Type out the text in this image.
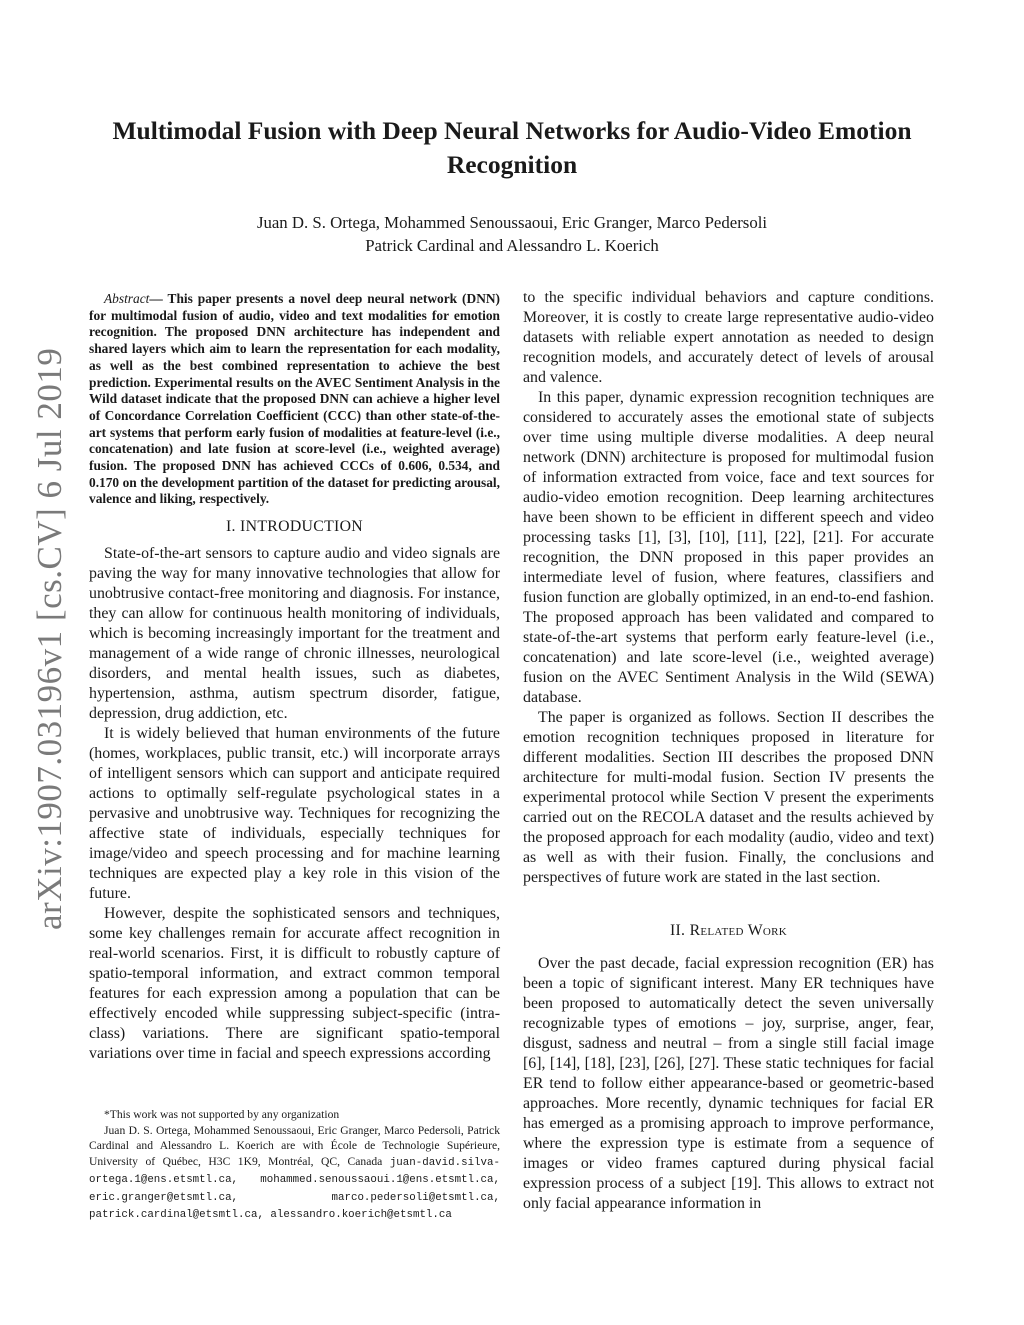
arXiv:1907.03196v1 [cs.CV] 6 Jul 2019
Multimodal Fusion with Deep Neural Networks for Audio-Video Emotion Recognition
Juan D. S. Ortega, Mohammed Senoussaoui, Eric Granger, Marco Pedersoli
Patrick Cardinal and Alessandro L. Koerich

Abstract— This paper presents a novel deep neural network (DNN) for multimodal fusion of audio, video and text modalities for emotion recognition. The proposed DNN architecture has independent and shared layers which aim to learn the representation for each modality, as well as the best combined representation to achieve the best prediction. Experimental results on the AVEC Sentiment Analysis in the Wild dataset indicate that the proposed DNN can achieve a higher level of Concordance Correlation Coefficient (CCC) than other state-of-the-art systems that perform early fusion of modalities at feature-level (i.e., concatenation) and late fusion at score-level (i.e., weighted average) fusion. The proposed DNN has achieved CCCs of 0.606, 0.534, and 0.170 on the development partition of the dataset for predicting arousal, valence and liking, respectively.

I. INTRODUCTION

State-of-the-art sensors to capture audio and video signals are paving the way for many innovative technologies that allow for unobtrusive contact-free monitoring and diagnosis. For instance, they can allow for continuous health monitoring of individuals, which is becoming increasingly important for the treatment and management of a wide range of chronic illnesses, neurological disorders, and mental health issues, such as diabetes, hypertension, asthma, autism spectrum disorder, fatigue, depression, drug addiction, etc.

It is widely believed that human environments of the future (homes, workplaces, public transit, etc.) will incorporate arrays of intelligent sensors which can support and anticipate required actions to optimally self-regulate psychological states in a pervasive and unobtrusive way. Techniques for recognizing the affective state of individuals, especially techniques for image/video and speech processing and for machine learning techniques are expected play a key role in this vision of the future.

However, despite the sophisticated sensors and techniques, some key challenges remain for accurate affect recognition in real-world scenarios. First, it is difficult to robustly capture of spatio-temporal information, and extract common temporal features for each expression among a population that can be effectively encoded while suppressing subject-specific (intra-class) variations. There are significant spatio-temporal variations over time in facial and speech expressions according

*This work was not supported by any organization

Juan D. S. Ortega, Mohammed Senoussaoui, Eric Granger, Marco Pedersoli, Patrick Cardinal and Alessandro L. Koerich are with École de Technologie Supérieure, University of Québec, H3C 1K9, Montréal, QC, Canada juan-david.silva-ortega.1@ens.etsmtl.ca, mohammed.senoussaoui.1@ens.etsmtl.ca, eric.granger@etsmtl.ca, marco.pedersoli@etsmtl.ca, patrick.cardinal@etsmtl.ca, alessandro.koerich@etsmtl.ca

to the specific individual behaviors and capture conditions. Moreover, it is costly to create large representative audio-video datasets with reliable expert annotation as needed to design recognition models, and accurately detect of levels of arousal and valence.

In this paper, dynamic expression recognition techniques are considered to accurately asses the emotional state of subjects over time using multiple diverse modalities. A deep neural network (DNN) architecture is proposed for multimodal fusion of information extracted from voice, face and text sources for audio-video emotion recognition. Deep learning architectures have been shown to be efficient in different speech and video processing tasks [1], [3], [10], [11], [22], [21]. For accurate recognition, the DNN proposed in this paper provides an intermediate level of fusion, where features, classifiers and fusion function are globally optimized, in an end-to-end fashion. The proposed approach has been validated and compared to state-of-the-art systems that perform early feature-level (i.e., concatenation) and late score-level (i.e., weighted average) fusion on the AVEC Sentiment Analysis in the Wild (SEWA) database.

The paper is organized as follows. Section II describes the emotion recognition techniques proposed in literature for different modalities. Section III describes the proposed DNN architecture for multi-modal fusion. Section IV presents the experimental protocol while Section V present the experiments carried out on the RECOLA dataset and the results achieved by the proposed approach for each modality (audio, video and text) as well as with their fusion. Finally, the conclusions and perspectives of future work are stated in the last section.

II. Related Work

Over the past decade, facial expression recognition (ER) has been a topic of significant interest. Many ER techniques have been proposed to automatically detect the seven universally recognizable types of emotions – joy, surprise, anger, fear, disgust, sadness and neutral – from a single still facial image [6], [14], [18], [23], [26], [27]. These static techniques for facial ER tend to follow either appearance-based or geometric-based approaches. More recently, dynamic techniques for facial ER has emerged as a promising approach to improve performance, where the expression type is estimate from a sequence of images or video frames captured during physical facial expression process of a subject [19]. This allows to extract not only facial appearance information in
